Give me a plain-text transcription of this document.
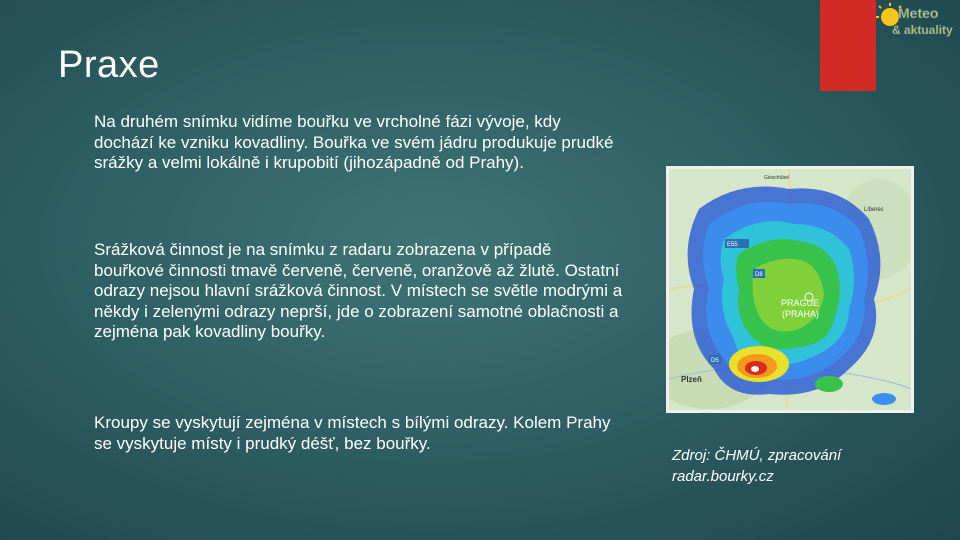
Meteo
& aktuality
Praxe

Na druhém snímku vidíme bouřku ve vrcholné fázi vývoje, kdy dochází ke vzniku kovadliny. Bouřka ve svém jádru produkuje prudké srážky a velmi lokálně i krupobití (jihozápadně od Prahy).

Srážková činnost je na snímku z radaru zobrazena v případě bouřkové činnosti tmavě červeně, červeně, oranžově až žlutě. Ostatní odrazy nejsou hlavní srážková činnost. V místech se světle modrými a někdy i zelenými odrazy neprší, jde o zobrazení samotné oblačnosti a zejména pak kovadliny bouřky.

Kroupy se vyskytují zejména v místech s bílými odrazy. Kolem Prahy se vyskytuje místy i prudký déšť, bez bouřky.

PRAGUE
(PRAHA)
Plzeň
Liberec
Gieschübel
E55
D8
D5

Zdroj: ČHMÚ, zpracování
radar.bourky.cz
